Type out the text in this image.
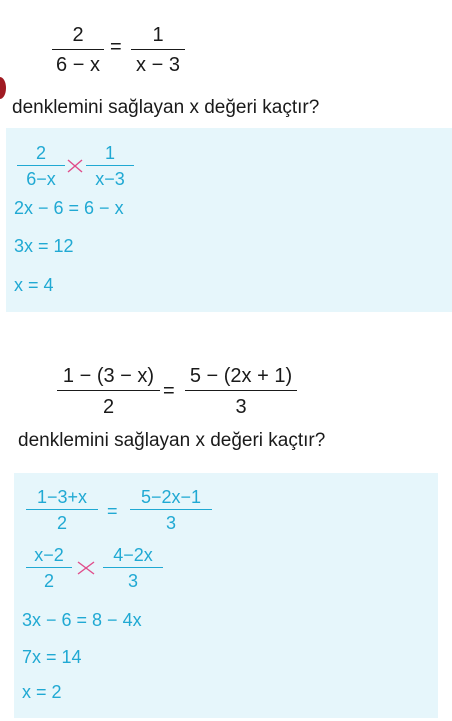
2
6 − x
=
1
x − 3
denklemini sağlayan x değeri kaçtır?
2
6−x
1
x−3
2x − 6 = 6 − x
3x = 12
x = 4
1 − (3 − x)
2
=
5 − (2x + 1)
3
denklemini sağlayan x değeri kaçtır?
1−3+x
2
=
5−2x−1
3
x−2
2
4−2x
3
3x − 6 = 8 − 4x
7x = 14
x = 2
